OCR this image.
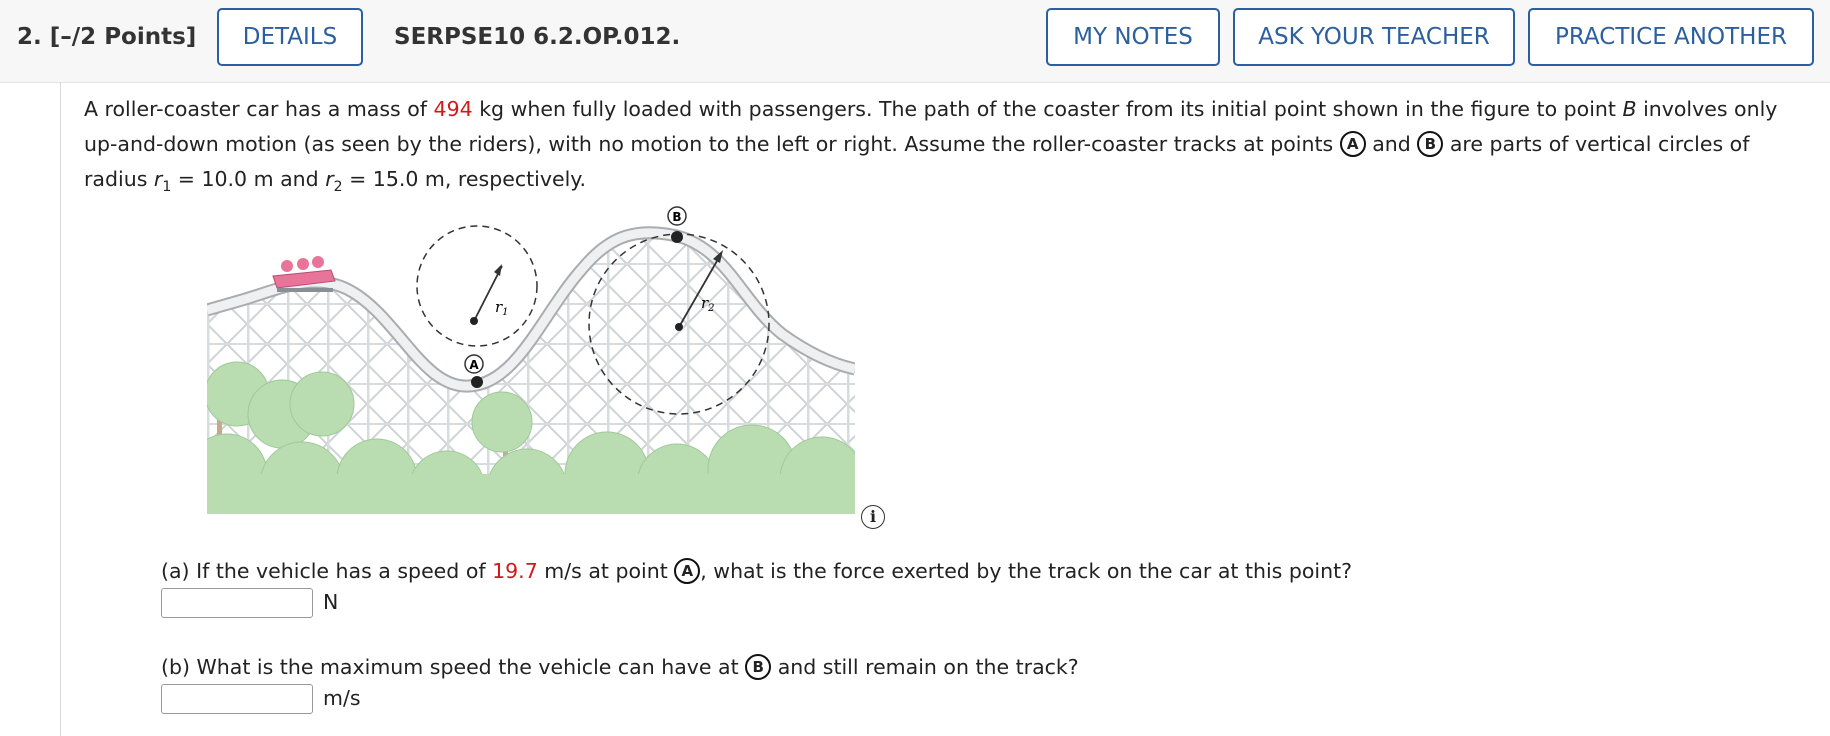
2. [–/2 Points]	DETAILS	SERPSE10 6.2.OP.012.	MY NOTES	ASK YOUR TEACHER	PRACTICE ANOTHER
A roller-coaster car has a mass of 494 kg when fully loaded with passengers. The path of the coaster from its initial point shown in the figure to point B involves only up-and-down motion (as seen by the riders), with no motion to the left or right. Assume the roller-coaster tracks at points A and B are parts of vertical circles of radius $r_1 = 10.0$ m and $r_2 = 15.0$ m, respectively.
A
$r_1$
B
$r_2$
i
(a) If the vehicle has a speed of 19.7 m/s at point A , what is the force exerted by the track on the car at this point?
N
(b) What is the maximum speed the vehicle can have at B and still remain on the track?
m/s
